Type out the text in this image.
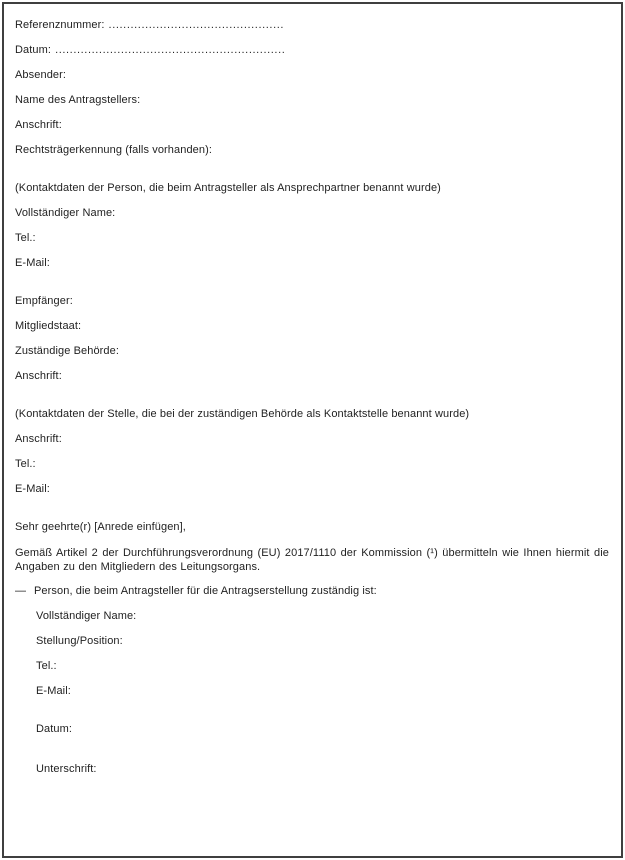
Referenznummer: ................................................

Datum: ...............................................................

Absender:

Name des Antragstellers:

Anschrift:

Rechtsträgerkennung (falls vorhanden):

(Kontaktdaten der Person, die beim Antragsteller als Ansprechpartner benannt wurde)

Vollständiger Name:

Tel.:

E-Mail:

Empfänger:

Mitgliedstaat:

Zuständige Behörde:

Anschrift:

(Kontaktdaten der Stelle, die bei der zuständigen Behörde als Kontaktstelle benannt wurde)

Anschrift:

Tel.:

E-Mail:

Sehr geehrte(r) [Anrede einfügen],

Gemäß Artikel 2 der Durchführungsverordnung (EU) 2017/1110 der Kommission (¹) übermitteln wie Ihnen hiermit die Angaben zu den Mitgliedern des Leitungsorgans.

— Person, die beim Antragsteller für die Antragserstellung zuständig ist:

Vollständiger Name:

Stellung/Position:

Tel.:

E-Mail:

Datum:

Unterschrift:
